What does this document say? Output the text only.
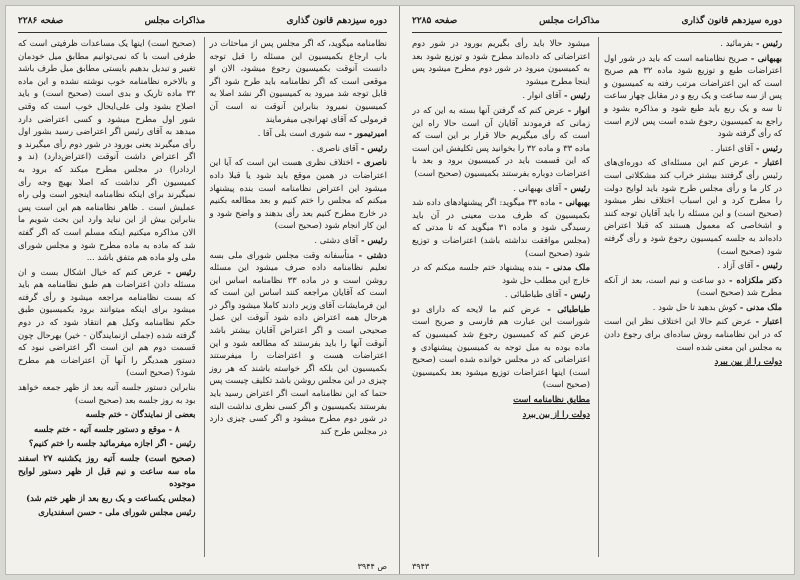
دوره سیزدهم قانون گذاری
مذاکرات مجلس
صفحه ۲۲۸۶

نظامنامه میگوید، که اگر مجلس پس از مباحثات در باب ارجاع بکمیسیون این مسئله را قبل توجه دانست آنوقت بکمیسیون رجوع میشود، الان او موقعی است که اگر نظامنامه باید طرح شود اگر قابل توجه شد میرود به کمیسیون اگر نشد اصلا به کمیسیون نمیرود بنابراین آنوقت نه است آن فرمولی که آقای تهرانچی میفرمایند

امیرتیمور - سه شوری است بلی آقا .

رئیس - آقای ناصری .

ناصری - اختلاف نظری هست این است که آیا این اعتراضات در همین موقع باید شود یا قبلا داده میشود این اعتراض نظامنامه است بنده پیشنهاد میکنم که مجلس را ختم کنیم و بعد مطالعه بکنیم در خارج مطرح کنیم بعد رأی بدهند و واضح شود و این کار انجام شود (صحیح است)

رئیس - آقای دشتی .

دشتی - متأسفانه وقت مجلس شورای ملی بسه تعلیم نظامنامه داده صرف میشود این مسئله روشن است و در ماده ۳۳ نظامنامه اساس این است که آقایان مراجعه کنند اساس این است که این فرمایشات آقای وزیر دادند کاملا میشود واگر در هرحال همه اعتراض داده شود آنوقت این عمل صحیحی است و اگر اعتراض آقایان بیشتر باشد آنوقت آنها را باید بفرستند که مطالعه شود و این اعتراضات هست و اعتراضات را میفرستند بکمیسیون این بلکه اگر خواسته باشند که هر روز چیزی در این مجلس روشن باشد تکلیف چیست پس حتما که این نظامنامه است اگر اعتراض رسید باید بفرستند بکمیسیون و اگر کسی نظری نداشت البته در شور دوم مطرح میشود و اگر کسی چیزی دارد در مجلس طرح کند

(صحیح است) اینها یک مساعدات ظرفیتی است که طرفی است با که نمی‌توانیم مطابق میل خودمان تغییر و تبدیل بدهیم بایستی مطابق میل طرف باشد و بالاخره نظامنامه خوب نوشته نشده و این ماده ۳۲ ماده تاریک و بدی است (صحیح است) و باید اصلاح بشود ولی علی‌ایحال خوب است که وقتی شور اول مطرح میشود و کسی اعتراضی دارد میدهد به آقای رئیس اگر اعتراضی رسید بشور اول رأی میگیرند یعنی بورود در شور دوم رأی میگیرند و اگر اعتراض داشت آنوقت (اعتراض‌دارد) (ند و اردادرا) در مجلس مطرح میکند که برود به کمیسیون اگر نداشت که اصلا بهیچ وجه رأی نمیگیرند برای اینکه نظامنامه اینجور است ولی راه عملیش است . ظاهر نظامنامه هم این است پس بنابراین بیش از این نباید وارد این بحث شویم ما الان مذاکره میکنیم اینکه مسلم است که اگر گفته شد که ماده به ماده مطرح شود و مجلس شورای ملی ولو ماده هم متفق باشد ...

رئیس - عرض کنم که خیال اشکال بست و ان مسئله دادن اعتراضات هم طبق نظامنامه هم باید که بست نظامنامه مراجعه میشود و رأی گرفته میشود برای اینکه میتوانند برود بکمیسیون طبق حکم نظامنامه وکیل هم انتقاد شود که در دوم گرفته شده (جملی ازنمایندگان - خیر) بهرحال چون قسمت دوم هم این است اگر اعتراضی نبود که دستور همدیگر را آنها آن اعتراضات هم مطرح شود؟ (صحیح است)

بنابراین دستور جلسه آتیه بعد از ظهر جمعه خواهد بود به روز جلسه بعد (صحیح است)

بعضی از نمایندگان - ختم جلسه

۸ - موقع و دستور جلسه آتیه - ختم جلسه

رئیس - اگر اجازه میفرمائید جلسه را ختم کنیم؟

(صحیح است) جلسه آتیه روز یکشنبه ۲۷ اسفند ماه سه ساعت و نیم قبل از ظهر دستور لوایح موجوده

(مجلس یکساعت و یک ربع بعد از ظهر ختم شد)

رئیس مجلس شورای ملی - حسن اسفندیاری

ص ۳۹۴۴
دوره سیزدهم قانون گذاری
مذاکرات مجلس
صفحه ۲۲۸۵

رئیس - بفرمائید .

بهبهانی - صریح نظامنامه است که باید در شور اول اعتراضات طبع و توزیع شود ماده ۳۲ هم صریح است که این اعتراضات مرتب رفته به کمیسیون و پس از سه ساعت و یک ربع و در مقابل چهار ساعت تا سه و یک ربع باید طبع شود و مذاکره بشود و راجع به کمیسیون رجوع شده است پس لازم است که رأی گرفته شود

رئیس - آقای اعتبار .

اعتبار - عرض کنم این مسئله‌ای که دوره‌ای‌های رئیس رأی گرفتند بیشتر خراب کند مشکلاتی است در کار ما و رأی مجلس طرح شود باید لوایح دولت را مطرح کرد و این اسباب اختلاف نظر میشود (صحیح است) و این مسئله را باید آقایان توجه کنند و اشخاصی که معمول هستند که قبلا اعتراض داده‌اند به جلسه کمیسیون رجوع شود و رأی گرفته شود (صحیح است)

رئیس - آقای آزاد .

دکتر ملکزاده - دو ساعت و نیم است، بعد از آنکه مطرح شد (صحیح است)

ملک مدنی - کوش بدهید تا حل شود .

اعتبار - عرض کنم حالا این اختلاف نظر این است که در این نظامنامه روش ساده‌ای برای رجوع دادن به مجلس این معنی شده است

دولت را از بین ببرد

میشود حالا باید رأی بگیریم بورود در شور دوم اعتراضاتی که داده‌اند مطرح شود و توزیع شود بعد به کمیسیون میرود در شور دوم مطرح میشود پس اینجا مطرح میشود

رئیس - آقای انوار .

انوار - عرض کنم که گرفتن آنها بسته به این که در زمانی که فرمودند آقایان آن است حالا راه این است که رأی میگیریم حالا قرار بر این است که ماده ۳۳ و ماده ۳۲ را بخوانید پس تکلیفش این است که این قسمت باید در کمیسیون برود و بعد با اعتراضات دوباره بفرستند بکمیسیون (صحیح است)

رئیس - آقای بهبهانی .

بهبهانی - ماده ۳۳ میگوید: اگر پیشنهادهای داده شد بکمیسیون که ظرف مدت معینی در آن باید رسیدگی شود و ماده ۳۱ میگوید که تا مدتی که (مجلس موافقت نداشته باشد) اعتراضات و توزیع شود (صحیح است)

ملک مدنی - بنده پیشنهاد ختم جلسه میکنم که در خارج این مطلب حل شود

رئیس - آقای طباطبائی .

طباطبائی - عرض کنم ما لایحه که دارای دو شوراست این عبارت هم فارسی و صریح است عرض کنم که کمیسیون رجوع شد کمیسیون که ماده بوده به میل توجه به کمیسیون پیشنهادی و اعتراضاتی که در مجلس خوانده شده است (صحیح است) اینها اعتراضات توزیع میشود بعد بکمیسیون (صحیح است)

مطابق نظامنامه است

دولت را از بین ببرد

۳۹۴۳
